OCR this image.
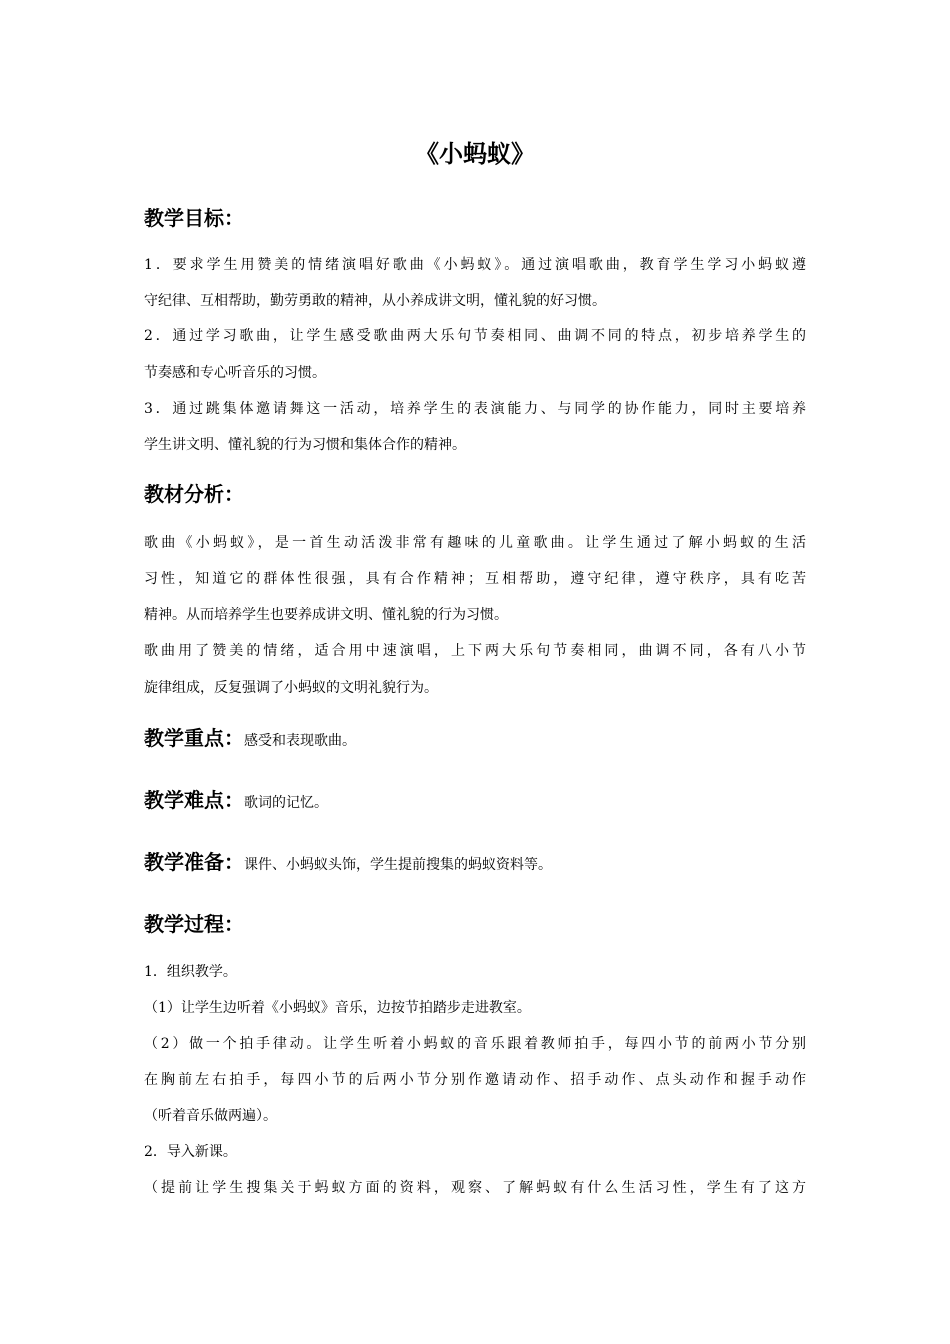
《小蚂蚁》
教学目标：
1．要求学生用赞美的情绪演唱好歌曲《小蚂蚁》。通过演唱歌曲，教育学生学习小蚂蚁遵
守纪律、互相帮助，勤劳勇敢的精神，从小养成讲文明，懂礼貌的好习惯。
2．通过学习歌曲，让学生感受歌曲两大乐句节奏相同、曲调不同的特点，初步培养学生的
节奏感和专心听音乐的习惯。
3．通过跳集体邀请舞这一活动，培养学生的表演能力、与同学的协作能力，同时主要培养
学生讲文明、懂礼貌的行为习惯和集体合作的精神。
教材分析：
歌曲《小蚂蚁》，是一首生动活泼非常有趣味的儿童歌曲。让学生通过了解小蚂蚁的生活
习性，知道它的群体性很强，具有合作精神；互相帮助，遵守纪律，遵守秩序，具有吃苦
精神。从而培养学生也要养成讲文明、懂礼貌的行为习惯。
歌曲用了赞美的情绪，适合用中速演唱，上下两大乐句节奏相同，曲调不同，各有八小节
旋律组成，反复强调了小蚂蚁的文明礼貌行为。
教学重点：感受和表现歌曲。
教学难点：歌词的记忆。
教学准备：课件、小蚂蚁头饰，学生提前搜集的蚂蚁资料等。
教学过程：
1．组织教学。
（1）让学生边听着《小蚂蚁》音乐，边按节拍踏步走进教室。
（2）做一个拍手律动。让学生听着小蚂蚁的音乐跟着教师拍手，每四小节的前两小节分别
在胸前左右拍手，每四小节的后两小节分别作邀请动作、招手动作、点头动作和握手动作
（听着音乐做两遍）。
2．导入新课。
（提前让学生搜集关于蚂蚁方面的资料，观察、了解蚂蚁有什么生活习性，学生有了这方
